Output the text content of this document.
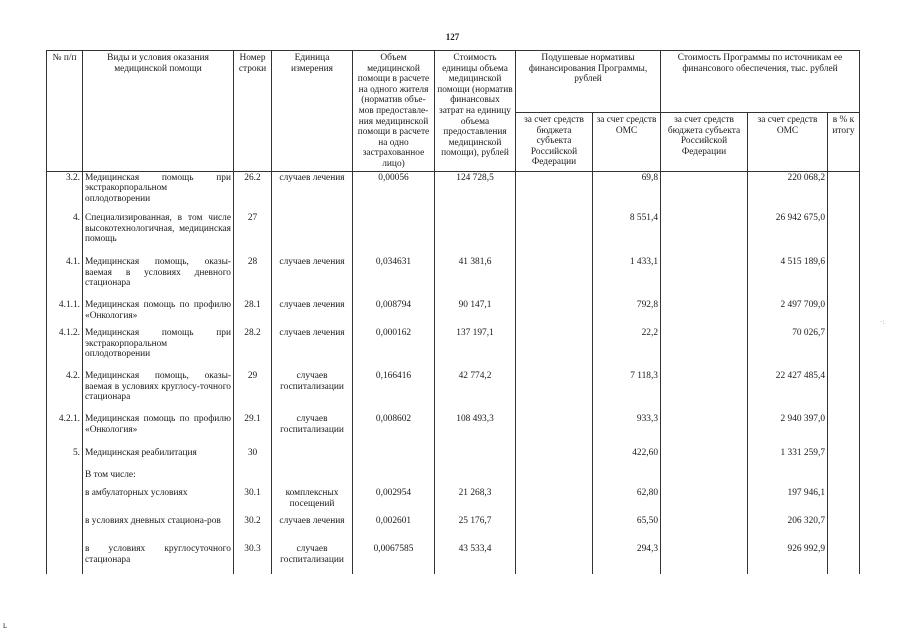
127
№ п/п	Виды и условия оказания медицинской помощи	Номер строки	Единица измерения	Объем медицинской помощи в расчете на одного жителя (норматив объе-мов предоставле-ния медицинской помощи в расчете на одно застрахованное лицо)	Стоимость единицы объема медицинской помощи (норматив финансовых затрат на единицу объема предоставления медицинской помощи), рублей	Подушевые нормативы финансирования Программы, рублей		Стоимость Программы по источникам ее финансового обеспечения, тыс. рублей		
						за счет средств бюджета субъекта Российской Федерации	за счет средств ОМС	за счет средств бюджета субъекта Российской Федерации	за счет средств ОМС	в % к итогу
3.2.	Медицинская помощь при экстракорпоральном оплодотворении	26.2	случаев лечения	0,00056	124 728,5		69,8		220 068,2	
4.	Специализированная, в том числе высокотехнологичная, медицинская помощь	27					8 551,4		26 942 675,0	
4.1.	Медицинская помощь, оказы-ваемая в условиях дневного стационара	28	случаев лечения	0,034631	41 381,6		1 433,1		4 515 189,6	
4.1.1.	Медицинская помощь по профилю «Онкология»	28.1	случаев лечения	0,008794	90 147,1		792,8		2 497 709,0	
4.1.2.	Медицинская помощь при экстракорпоральном оплодотворении	28.2	случаев лечения	0,000162	137 197,1		22,2		70 026,7	
4.2.	Медицинская помощь, оказы-ваемая в условиях круглосу-точного стационара	29	случаев госпитализации	0,166416	42 774,2		7 118,3		22 427 485,4	
4.2.1.	Медицинская помощь по профилю «Онкология»	29.1	случаев госпитализации	0,008602	108 493,3		933,3		2 940 397,0	
5.	Медицинская реабилитация	30					422,60		1 331 259,7	
	В том числе:									
	в амбулаторных условиях	30.1	комплексных посещений	0,002954	21 268,3		62,80		197 946,1	
	в условиях дневных стациона-ров	30.2	случаев лечения	0,002601	25 176,7		65,50		206 320,7	
	в условиях круглосуточного стационара	30.3	случаев госпитализации	0,0067585	43 533,4		294,3		926 992,9	
·:
ʟ
